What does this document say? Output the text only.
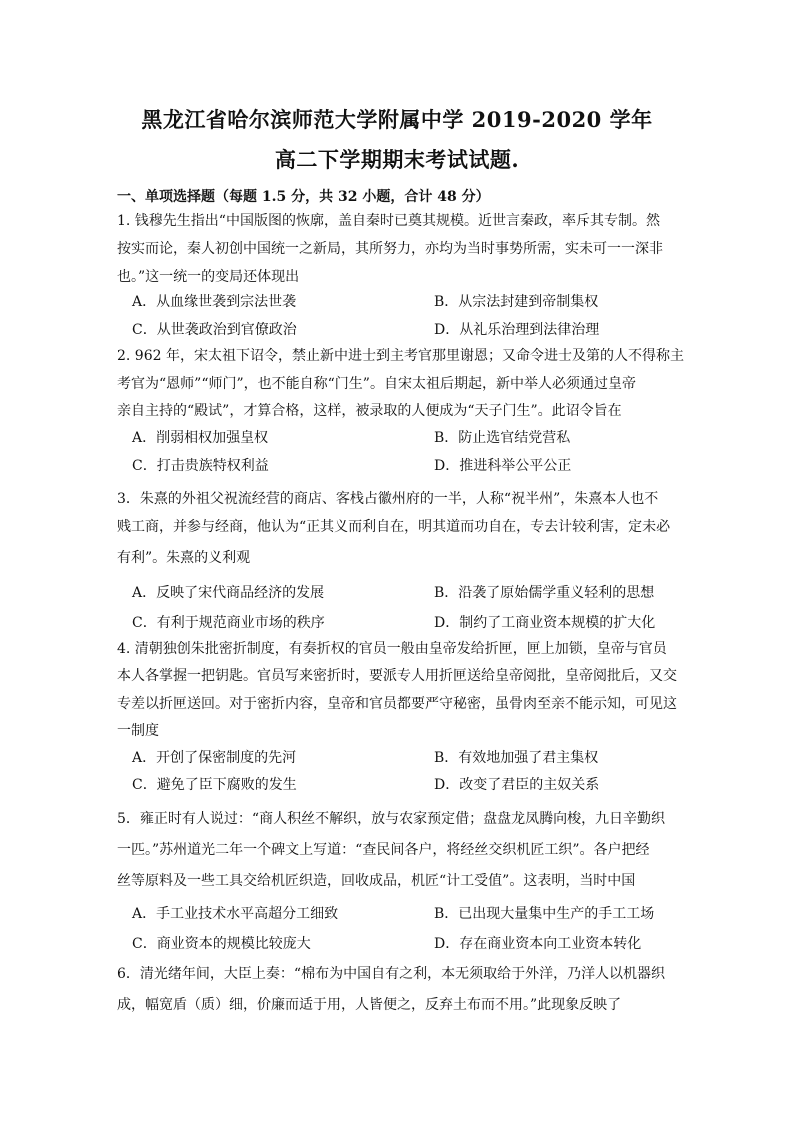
黑龙江省哈尔滨师范大学附属中学 2019-2020 学年
高二下学期期末考试试题.
一、单项选择题（每题 1.5 分，共 32 小题，合计 48 分）
1. 钱穆先生指出“中国版图的恢廓，盖自秦时已奠其规模。近世言秦政，率斥其专制。然
按实而论，秦人初创中国统一之新局，其所努力，亦均为当时事势所需，实未可一一深非
也。”这一统一的变局还体现出
A．从血缘世袭到宗法世袭	B．从宗法封建到帝制集权
C．从世袭政治到官僚政治	D．从礼乐治理到法律治理
2. 962 年，宋太祖下诏令，禁止新中进士到主考官那里谢恩；又命令进士及第的人不得称主
考官为“恩师”“师门”，也不能自称“门生”。自宋太祖后期起，新中举人必须通过皇帝
亲自主持的“殿试”，才算合格，这样，被录取的人便成为“天子门生”。此诏令旨在
A．削弱相权加强皇权	B．防止选官结党营私
C．打击贵族特权利益	D．推进科举公平公正
3．朱熹的外祖父祝流经营的商店、客栈占徽州府的一半，人称“祝半州”，朱熹本人也不
贱工商，并参与经商，他认为“正其义而利自在，明其道而功自在，专去计较利害，定未必
有利”。朱熹的义利观
A．反映了宋代商品经济的发展	B．沿袭了原始儒学重义轻利的思想
C．有利于规范商业市场的秩序	D．制约了工商业资本规模的扩大化
4. 清朝独创朱批密折制度，有奏折权的官员一般由皇帝发给折匣，匣上加锁，皇帝与官员
本人各掌握一把钥匙。官员写来密折时，要派专人用折匣送给皇帝阅批，皇帝阅批后，又交
专差以折匣送回。对于密折内容，皇帝和官员都要严守秘密，虽骨肉至亲不能示知，可见这
一制度
A．开创了保密制度的先河	B．有效地加强了君主集权
C．避免了臣下腐败的发生	D．改变了君臣的主奴关系
5．雍正时有人说过：“商人积丝不解织，放与农家预定借；盘盘龙凤腾向梭，九日辛勤织
一匹。”苏州道光二年一个碑文上写道：“查民间各户，将经丝交织机匠工织”。各户把经
丝等原料及一些工具交给机匠织造，回收成品，机匠“计工受值”。这表明，当时中国
A．手工业技术水平高超分工细致	B．已出现大量集中生产的手工工场
C．商业资本的规模比较庞大	D．存在商业资本向工业资本转化
6．清光绪年间，大臣上奏：“棉布为中国自有之利，本无须取给于外洋，乃洋人以机器织
成，幅宽盾（质）细，价廉而适于用，人皆便之，反弃土布而不用。”此现象反映了
